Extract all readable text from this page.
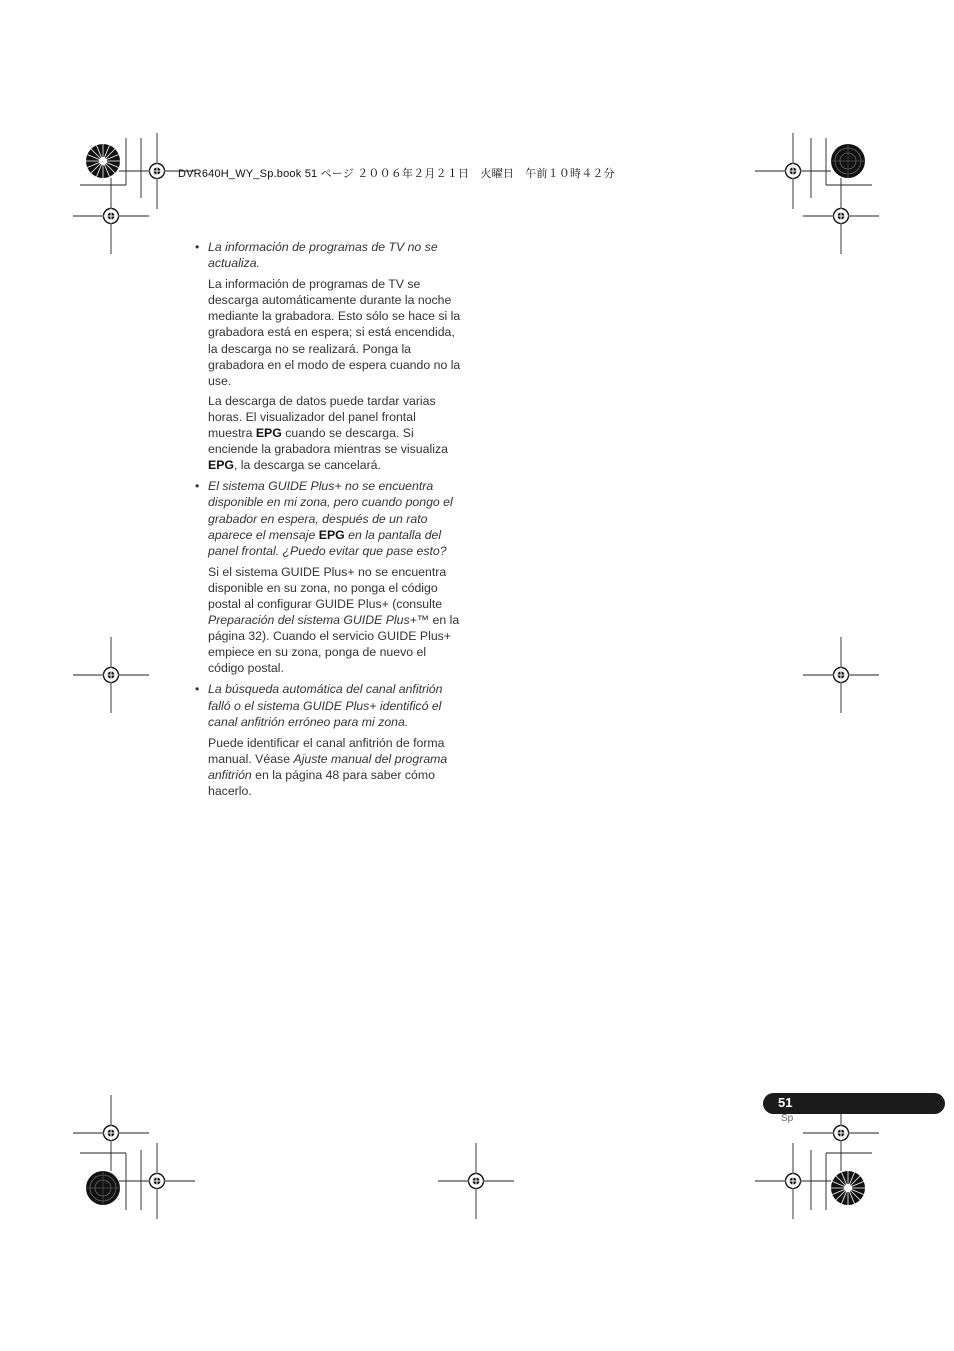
DVR640H_WY_Sp.book 51 ページ ２００６年２月２１日　火曜日　午前１０時４２分
• La información de programas de TV no se actualiza.

La información de programas de TV se descarga automáticamente durante la noche mediante la grabadora. Esto sólo se hace si la grabadora está en espera; si está encendida, la descarga no se realizará. Ponga la grabadora en el modo de espera cuando no la use.

La descarga de datos puede tardar varias horas. El visualizador del panel frontal muestra EPG cuando se descarga. Si enciende la grabadora mientras se visualiza EPG, la descarga se cancelará.

• El sistema GUIDE Plus+ no se encuentra disponible en mi zona, pero cuando pongo el grabador en espera, después de un rato aparece el mensaje EPG en la pantalla del panel frontal. ¿Puedo evitar que pase esto?

Si el sistema GUIDE Plus+ no se encuentra disponible en su zona, no ponga el código postal al configurar GUIDE Plus+ (consulte Preparación del sistema GUIDE Plus+™ en la página 32). Cuando el servicio GUIDE Plus+ empiece en su zona, ponga de nuevo el código postal.

• La búsqueda automática del canal anfitrión falló o el sistema GUIDE Plus+ identificó el canal anfitrión erróneo para mi zona.

Puede identificar el canal anfitrión de forma manual. Véase Ajuste manual del programa anfitrión en la página 48 para saber cómo hacerlo.

51
Sp
